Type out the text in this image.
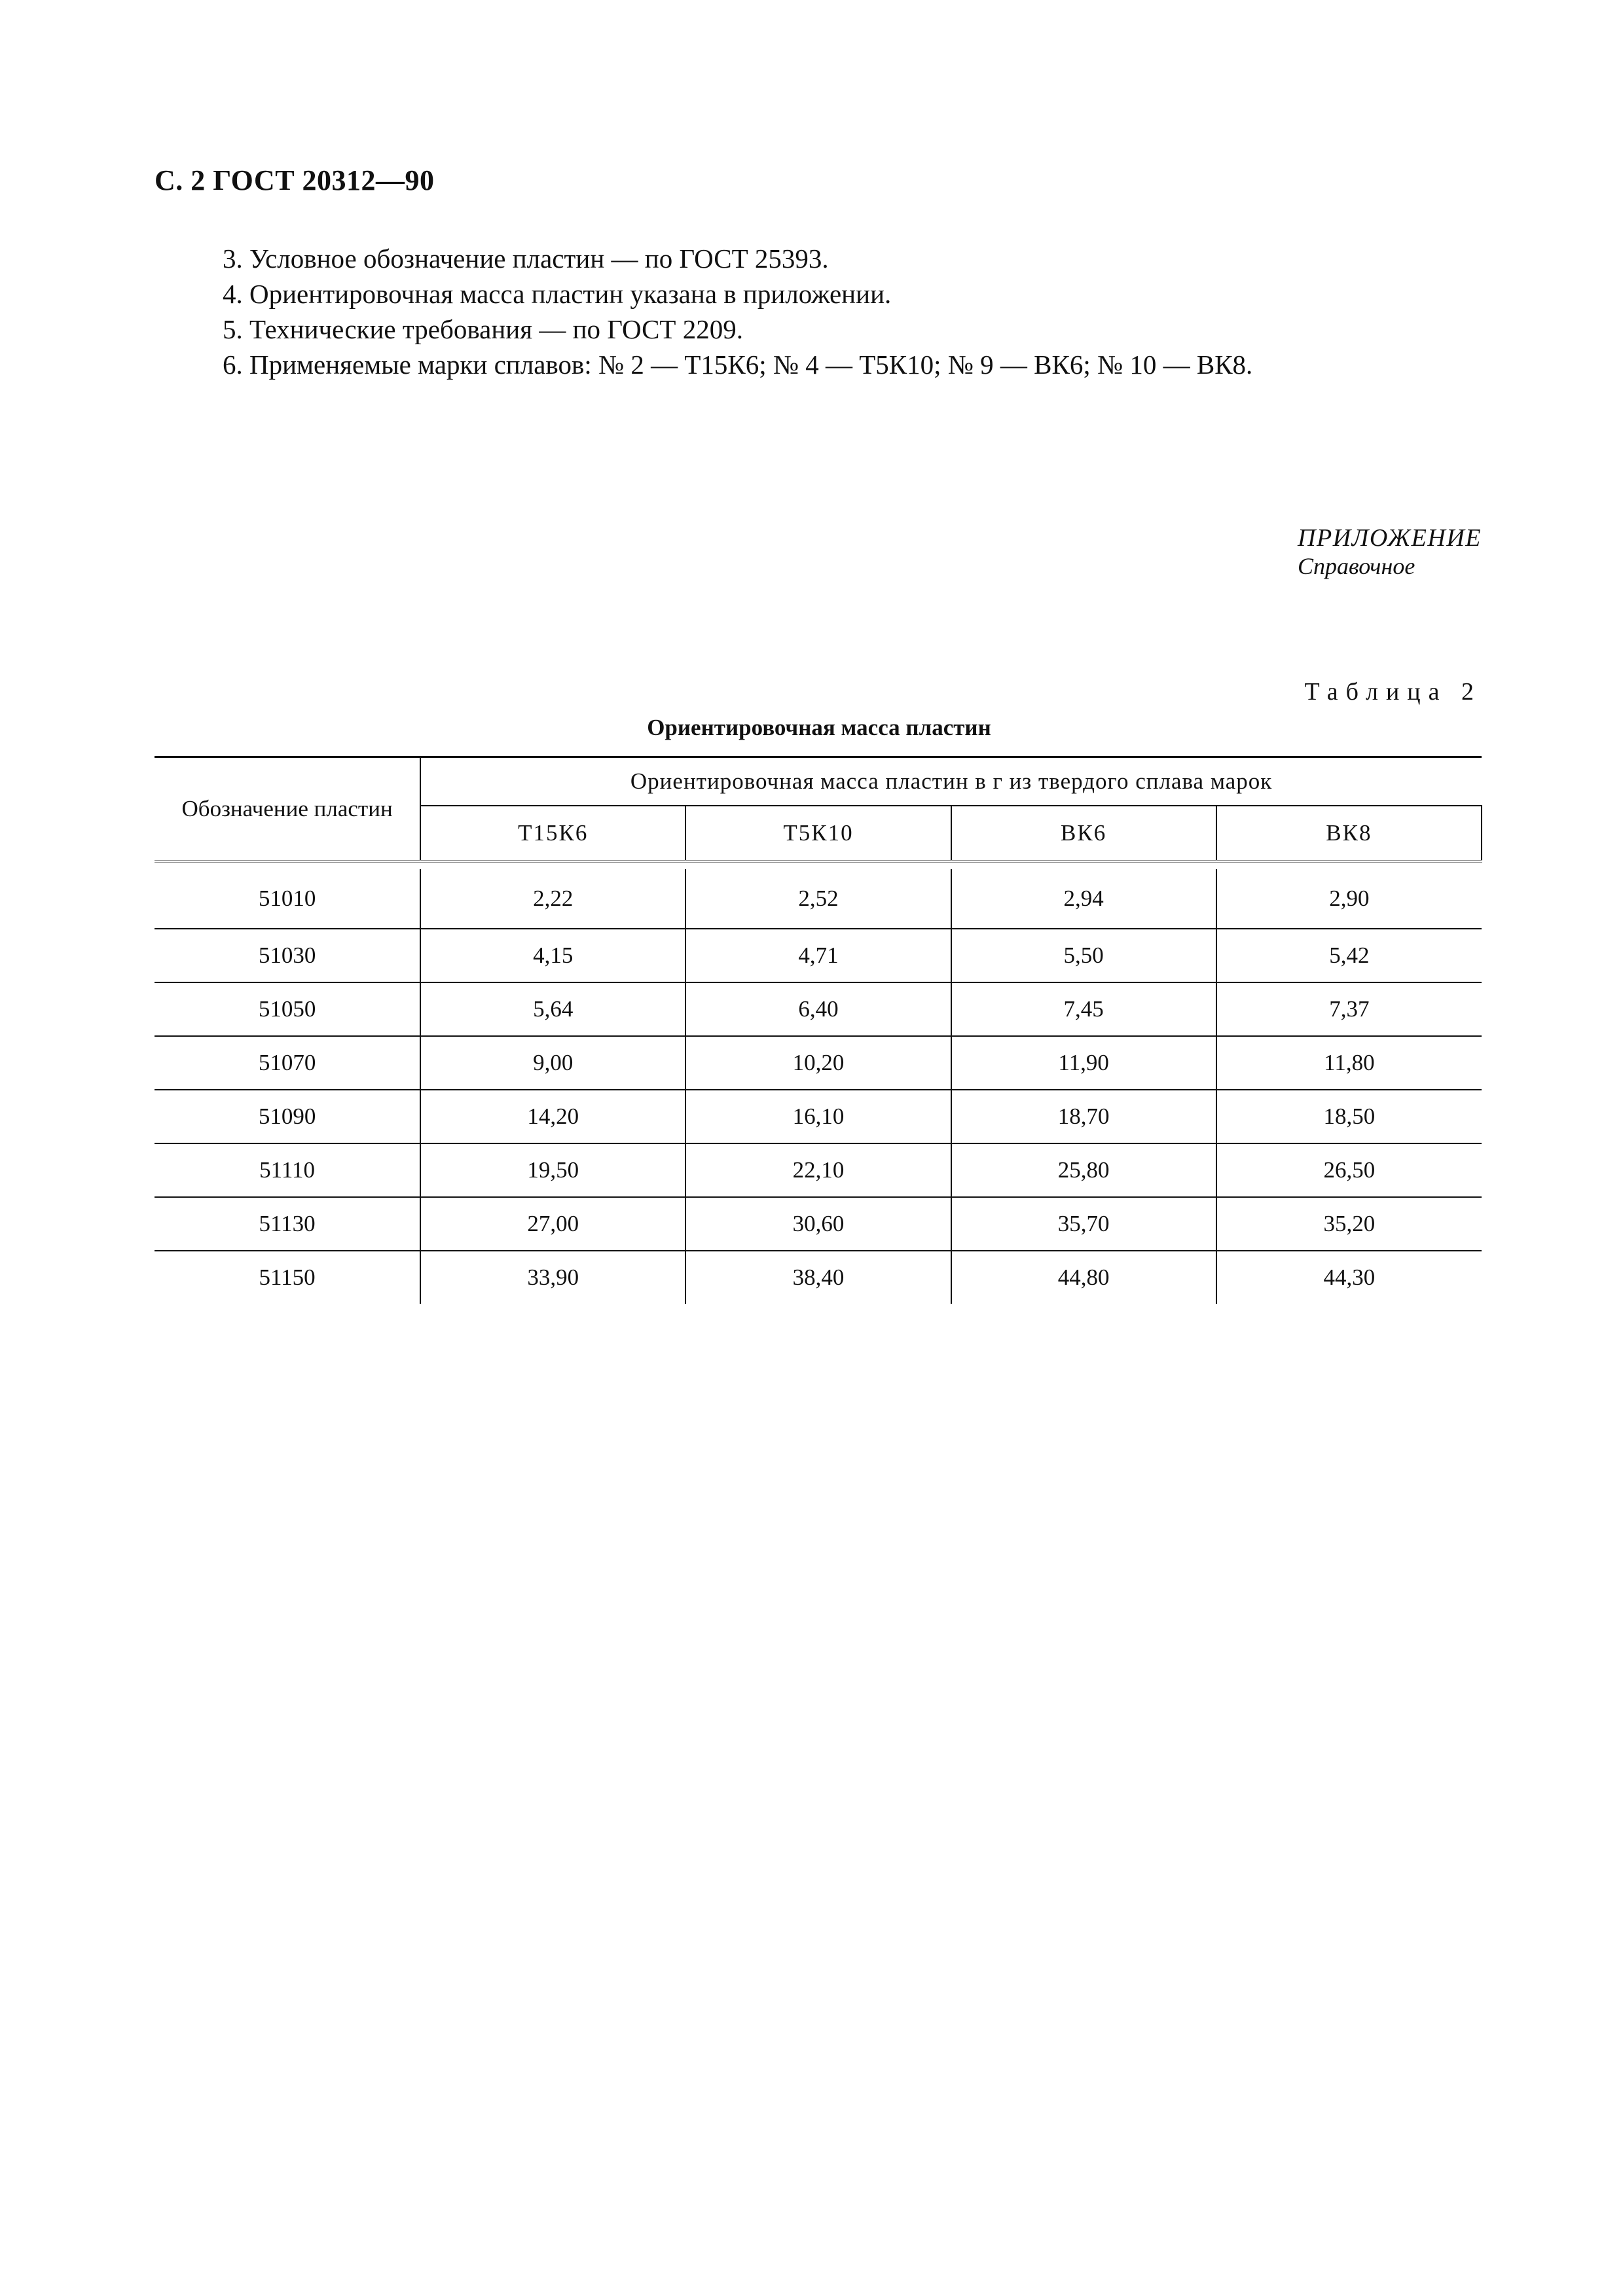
С. 2 ГОСТ 20312—90
3. Условное обозначение пластин — по ГОСТ 25393.
4. Ориентировочная масса пластин указана в приложении.
5. Технические требования — по ГОСТ 2209.
6. Применяемые марки сплавов: № 2 — Т15К6; № 4 — Т5К10; № 9 — ВК6; № 10 — ВК8.
ПРИЛОЖЕНИЕ
Справочное
Таблица 2
Ориентировочная масса пластин
Обозначение пластин	Ориентировочная масса пластин в г из твердого сплава марок			
	Т15К6	Т5К10	ВК6	ВК8

51010	2,22	2,52	2,94	2,90
51030	4,15	4,71	5,50	5,42
51050	5,64	6,40	7,45	7,37
51070	9,00	10,20	11,90	11,80
51090	14,20	16,10	18,70	18,50
51110	19,50	22,10	25,80	26,50
51130	27,00	30,60	35,70	35,20
51150	33,90	38,40	44,80	44,30
